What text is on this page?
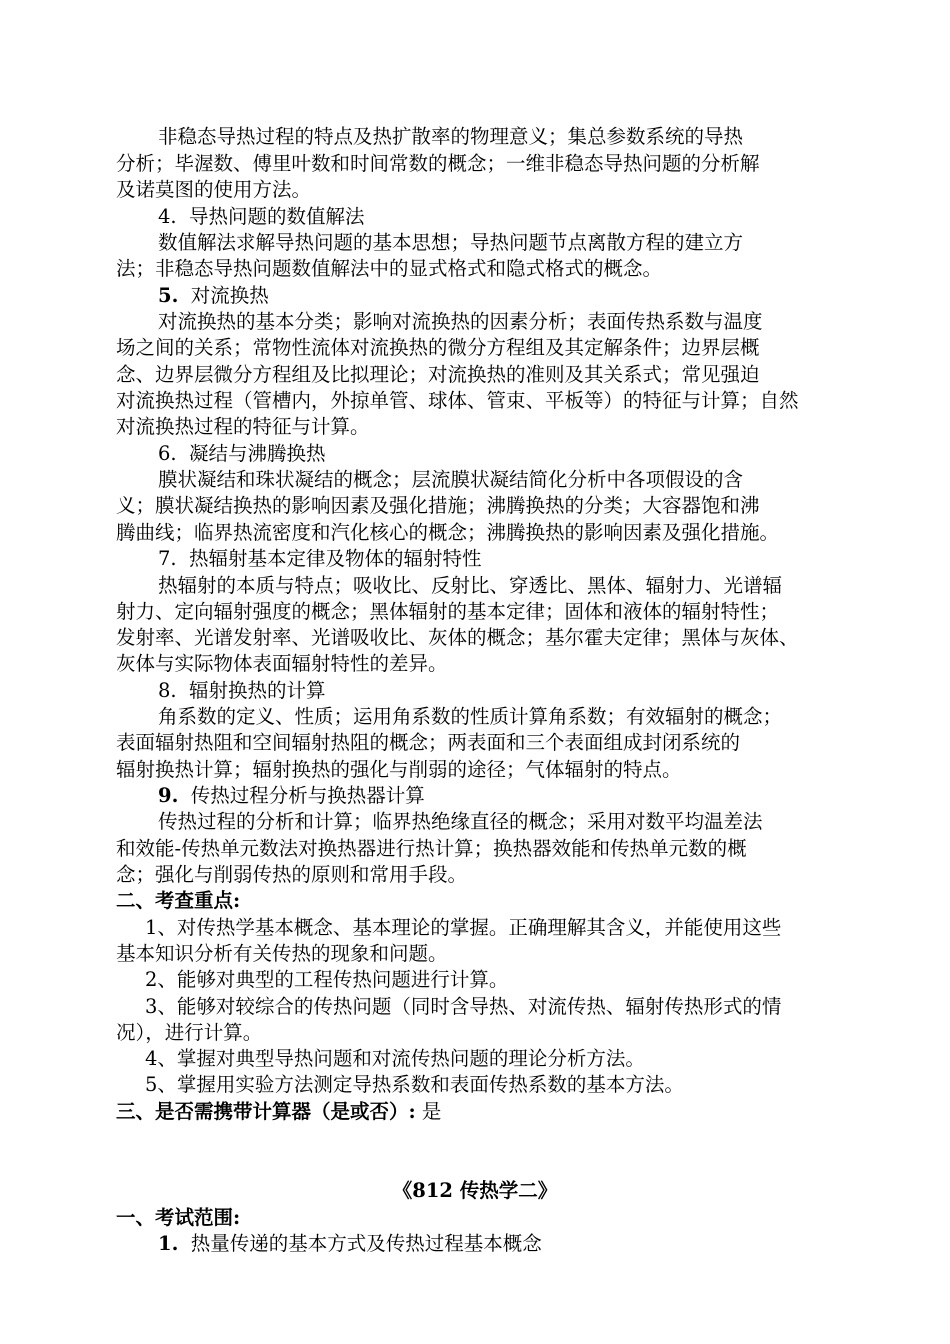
非稳态导热过程的特点及热扩散率的物理意义；集总参数系统的导热
分析；毕渥数、傅里叶数和时间常数的概念；一维非稳态导热问题的分析解
及诺莫图的使用方法。
4. 导热问题的数值解法
数值解法求解导热问题的基本思想；导热问题节点离散方程的建立方
法；非稳态导热问题数值解法中的显式格式和隐式格式的概念。
5. 对流换热
对流换热的基本分类；影响对流换热的因素分析；表面传热系数与温度
场之间的关系；常物性流体对流换热的微分方程组及其定解条件；边界层概
念、边界层微分方程组及比拟理论；对流换热的准则及其关系式；常见强迫
对流换热过程（管槽内，外掠单管、球体、管束、平板等）的特征与计算；自然
对流换热过程的特征与计算。
6. 凝结与沸腾换热
膜状凝结和珠状凝结的概念；层流膜状凝结简化分析中各项假设的含
义；膜状凝结换热的影响因素及强化措施；沸腾换热的分类；大容器饱和沸
腾曲线；临界热流密度和汽化核心的概念；沸腾换热的影响因素及强化措施。
7. 热辐射基本定律及物体的辐射特性
热辐射的本质与特点；吸收比、反射比、穿透比、黑体、辐射力、光谱辐
射力、定向辐射强度的概念；黑体辐射的基本定律；固体和液体的辐射特性；
发射率、光谱发射率、光谱吸收比、灰体的概念；基尔霍夫定律；黑体与灰体、
灰体与实际物体表面辐射特性的差异。
8. 辐射换热的计算
角系数的定义、性质；运用角系数的性质计算角系数；有效辐射的概念；
表面辐射热阻和空间辐射热阻的概念；两表面和三个表面组成封闭系统的
辐射换热计算；辐射换热的强化与削弱的途径；气体辐射的特点。
9. 传热过程分析与换热器计算
传热过程的分析和计算；临界热绝缘直径的概念；采用对数平均温差法
和效能-传热单元数法对换热器进行热计算；换热器效能和传热单元数的概
念；强化与削弱传热的原则和常用手段。
二、考查重点:
1、对传热学基本概念、基本理论的掌握。正确理解其含义，并能使用这些
基本知识分析有关传热的现象和问题。
2、能够对典型的工程传热问题进行计算。
3、能够对较综合的传热问题（同时含导热、对流传热、辐射传热形式的情
况），进行计算。
4、掌握对典型导热问题和对流传热问题的理论分析方法。
5、掌握用实验方法测定导热系数和表面传热系数的基本方法。
三、是否需携带计算器（是或否）: 是
《812 传热学二》
一、考试范围:
1. 热量传递的基本方式及传热过程基本概念
